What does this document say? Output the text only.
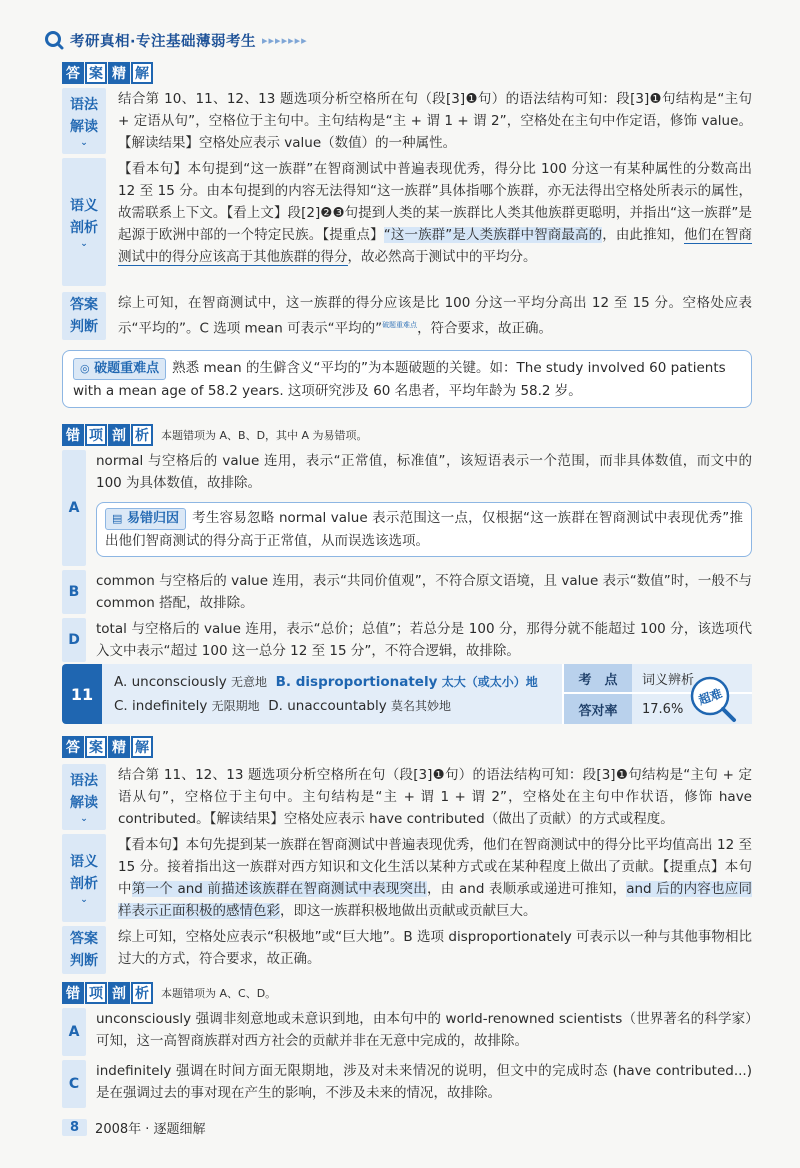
考研真相·专注基础薄弱考生 ▸▸▸▸▸▸▸
答 案 精 解
语法
解读
⌄
结合第 10、11、12、13 题选项分析空格所在句（段[3]❶句）的语法结构可知：段[3]❶句结构是“主句 + 定语从句”，空格位于主句中。主句结构是“主 + 谓 1 + 谓 2”，空格处在主句中作定语，修饰 value。【解读结果】空格处应表示 value（数值）的一种属性。
语义
剖析
⌄
【看本句】本句提到“这一族群”在智商测试中普遍表现优秀，得分比 100 分这一有某种属性的分数高出 12 至 15 分。由本句提到的内容无法得知“这一族群”具体指哪个族群，亦无法得出空格处所表示的属性，故需联系上下文。【看上文】段[2]❷❸句提到人类的某一族群比人类其他族群更聪明，并指出“这一族群”是起源于欧洲中部的一个特定民族。【提重点】“这一族群”是人类族群中智商最高的，由此推知，他们在智商测试中的得分应该高于其他族群的得分，故必然高于测试中的平均分。
答案
判断
综上可知，在智商测试中，这一族群的得分应该是比 100 分这一平均分高出 12 至 15 分。空格处应表示“平均的”。C 选项 mean 可表示“平均的”$^{破题重难点}$，符合要求，故正确。
◎ 破题重难点 熟悉 mean 的生僻含义“平均的”为本题破题的关键。如：The study involved 60 patients with a mean age of 58.2 years. 这项研究涉及 60 名患者，平均年龄为 58.2 岁。
错 项 剖 析	本题错项为 A、B、D，其中 A 为易错项。
A
normal 与空格后的 value 连用，表示“正常值，标准值”，该短语表示一个范围，而非具体数值，而文中的 100 为具体数值，故排除。
▤ 易错归因 考生容易忽略 normal value 表示范围这一点，仅根据“这一族群在智商测试中表现优秀”推出他们智商测试的得分高于正常值，从而误选该选项。
B
common 与空格后的 value 连用，表示“共同价值观”，不符合原文语境，且 value 表示“数值”时，一般不与 common 搭配，故排除。
D
total 与空格后的 value 连用，表示“总价；总值”；若总分是 100 分，那得分就不能超过 100 分，该选项代入文中表示“超过 100 这一总分 12 至 15 分”，不符合逻辑，故排除。
11
A. unconsciously 无意地 B. disproportionately 太大（或太小）地
C. indefinitely 无限期地 D. unaccountably 莫名其妙地
考　点	词义辨析
答对率	17.6%
超难
答 案 精 解
语法
解读
⌄
结合第 11、12、13 题选项分析空格所在句（段[3]❶句）的语法结构可知：段[3]❶句结构是“主句 + 定语从句”，空格位于主句中。主句结构是“主 + 谓 1 + 谓 2”，空格处在主句中作状语，修饰 have contributed。【解读结果】空格处应表示 have contributed（做出了贡献）的方式或程度。
语义
剖析
⌄
【看本句】本句先提到某一族群在智商测试中普遍表现优秀，他们在智商测试中的得分比平均值高出 12 至 15 分。接着指出这一族群对西方知识和文化生活以某种方式或在某种程度上做出了贡献。【提重点】本句中第一个 and 前描述该族群在智商测试中表现突出，由 and 表顺承或递进可推知，and 后的内容也应同样表示正面积极的感情色彩，即这一族群积极地做出贡献或贡献巨大。
答案
判断
综上可知，空格处应表示“积极地”或“巨大地”。B 选项 disproportionately 可表示以一种与其他事物相比过大的方式，符合要求，故正确。
错 项 剖 析	本题错项为 A、C、D。
A
unconsciously 强调非刻意地或未意识到地，由本句中的 world-renowned scientists（世界著名的科学家）可知，这一高智商族群对西方社会的贡献并非在无意中完成的，故排除。
C
indefinitely 强调在时间方面无限期地，涉及对未来情况的说明，但文中的完成时态 (have contributed...) 是在强调过去的事对现在产生的影响，不涉及未来的情况，故排除。
8	2008年 · 逐题细解
